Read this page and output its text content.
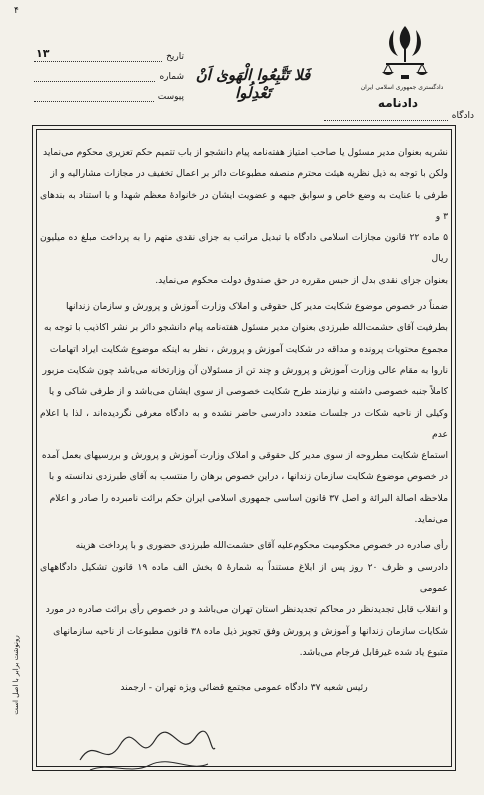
۴
تاریخ
۱۳
شماره
پیوست
فَلا تَتَّبِعُوا الْهَوىٰ اَنْ تَعْدِلُوا	دادگستری جمهوری اسلامی ایران
دادنامه
دادگاه

نشریه بعنوان مدیر مسئول یا صاحب امتیاز هفته‌نامه پیام دانشجو از باب تتمیم حکم تعزیری محکوم می‌نماید

ولکن با توجه به ذیل نظریه هیئت محترم منصفه مطبوعات دائر بر اعمال تخفیف در مجازات مشارالیه و از

طرفی با عنایت به وضع خاص و سوابق جبهه و عضویت ایشان در خانوادهٔ معظم شهدا و با استناد به بندهای ۳ و

۵ ماده ۲۲ قانون مجازات اسلامی دادگاه با تبدیل مراتب به جزای نقدی متهم را به پرداخت مبلغ ده میلیون ریال

بعنوان جزای نقدی بدل از حبس مقرره در حق صندوق دولت محکوم می‌نماید.

ضمناً در خصوص موضوع شکایت مدیر کل حقوقی و املاک وزارت آموزش و پرورش و سازمان زندانها

بطرفیت آقای حشمت‌الله طبرزدی بعنوان مدیر مسئول هفته‌نامه پیام دانشجو دائر بر نشر اکاذیب با توجه به

مجموع محتویات پرونده و مداقه در شکایت آموزش و پرورش ، نظر به اینکه موضوع شکایت ایراد اتهامات

ناروا به مقام عالی وزارت آموزش و پرورش و چند تن از مسئولان آن وزارتخانه می‌باشد چون شکایت مزبور

کاملاً جنبه خصوصی داشته و نیازمند طرح شکایت خصوصی از سوی ایشان می‌باشد و از طرفی شاکی و یا

وکیلی از ناحیه شکات در جلسات متعدد دادرسی حاضر نشده و به دادگاه معرفی نگردیده‌اند ، لذا با اعلام عدم

استماع شکایت مطروحه از سوی مدیر کل حقوقی و املاک وزارت آموزش و پرورش و بررسیهای بعمل آمده

در خصوص موضوع شکایت سازمان زندانها ، دراین خصوص برهان را منتسب به آقای طبرزدی ندانسته و با

ملاحظه اصالة البرائة و اصل ۳۷ قانون اساسی جمهوری اسلامی ایران حکم برائت نامبرده را صادر و اعلام

می‌نماید.

رأی صادره در خصوص محکومیت محکوم‌علیه آقای حشمت‌الله طبرزدی حضوری و با پرداخت هزینه

دادرسی و ظرف ۲۰ روز پس از ابلاغ مستنداً به شمارهٔ ۵ بخش الف ماده ۱۹ قانون تشکیل دادگاههای عمومی

و انقلاب قابل تجدیدنظر در محاکم تجدیدنظر استان تهران می‌باشد و در خصوص رأی برائت صادره در مورد

شکایات سازمان زندانها و آموزش و پرورش وفق تجویز ذیل ماده ۳۸ قانون مطبوعات از ناحیه سازمانهای

متبوع یاد شده غیرقابل فرجام می‌باشد.

رئیس شعبه ۳۷ دادگاه عمومی مجتمع قضائی ویژه تهران - ارجمند

رونوشت برابر با اصل است
